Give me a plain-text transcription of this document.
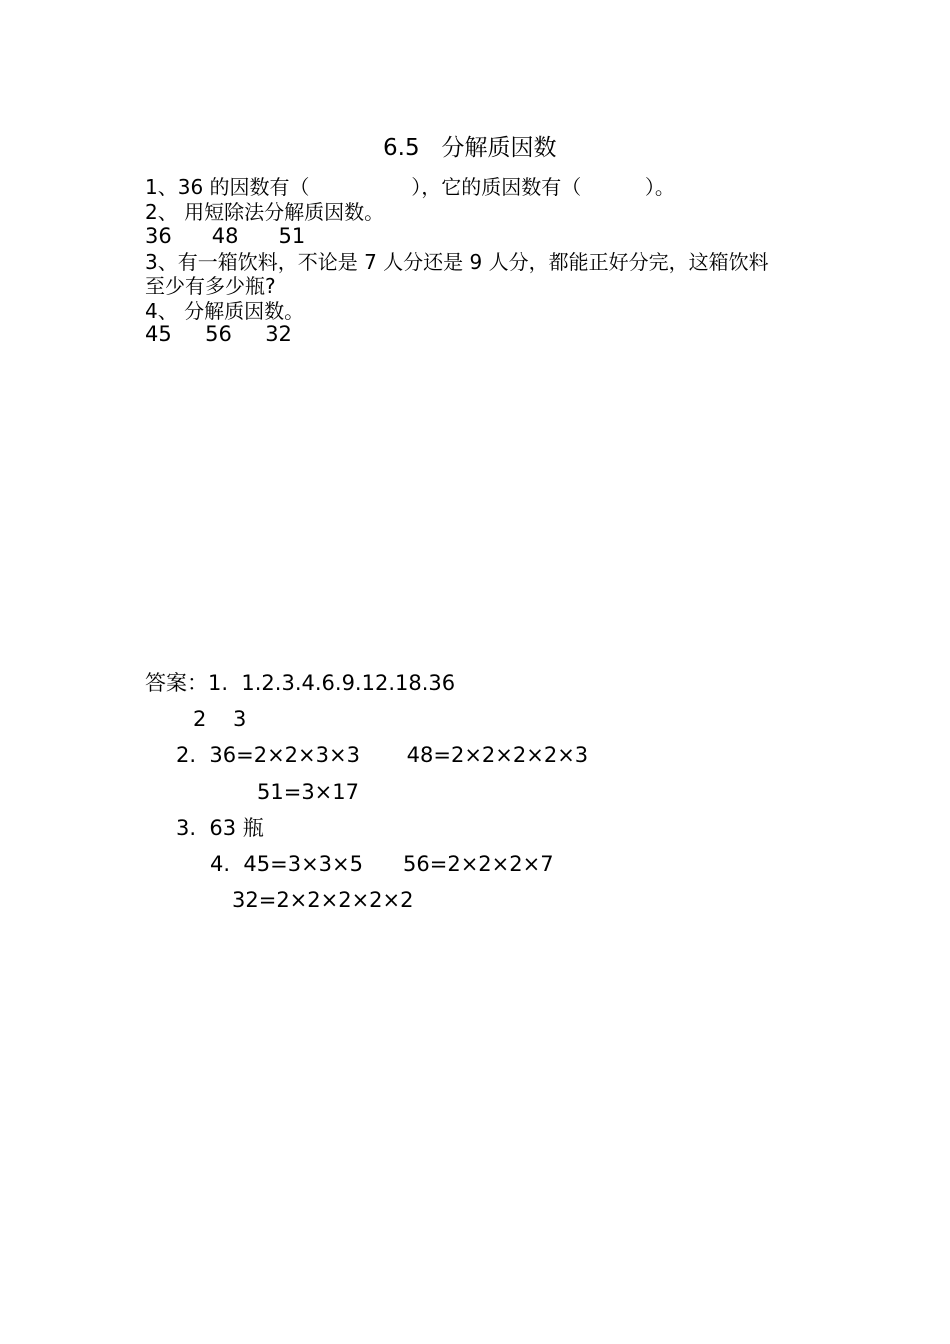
6.5   分解质因数
1、36 的因数有（                ），它的质因数有（          ）。
2、 用短除法分解质因数。
36      48      51
3、有一箱饮料，不论是 7 人分还是 9 人分，都能正好分完，这箱饮料
至少有多少瓶?
4、 分解质因数。
45     56     32
答案：1.  1.2.3.4.6.9.12.18.36
2    3
2.  36=2×2×3×3       48=2×2×2×2×3
51=3×17
3.  63 瓶
4.  45=3×3×5      56=2×2×2×7
32=2×2×2×2×2
